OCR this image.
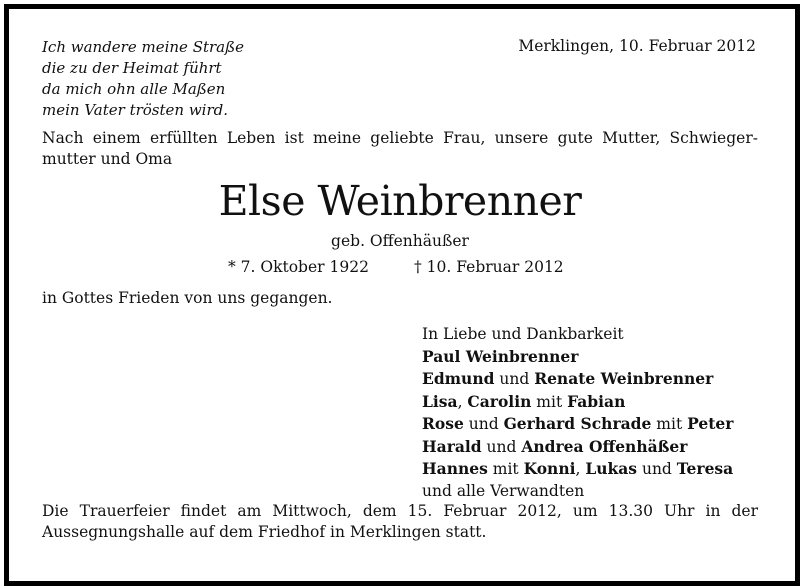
Ich wandere meine Straße
die zu der Heimat führt
da mich ohn alle Maßen
mein Vater trösten wird.
Merklingen, 10. Februar 2012
Nach einem erfüllten Leben ist meine geliebte Frau, unsere gute Mutter, Schwiegermutter und Oma
Else Weinbrenner
geb. Offenhäußer
* 7. Oktober 1922	† 10. Februar 2012
in Gottes Frieden von uns gegangen.
In Liebe und Dankbarkeit
Paul Weinbrenner
Edmund und Renate Weinbrenner
Lisa, Carolin mit Fabian
Rose und Gerhard Schrade mit Peter
Harald und Andrea Offenhäßer
Hannes mit Konni, Lukas und Teresa
und alle Verwandten
Die Trauerfeier findet am Mittwoch, dem 15. Februar 2012, um 13.30 Uhr in der Aussegnungshalle auf dem Friedhof in Merklingen statt.
